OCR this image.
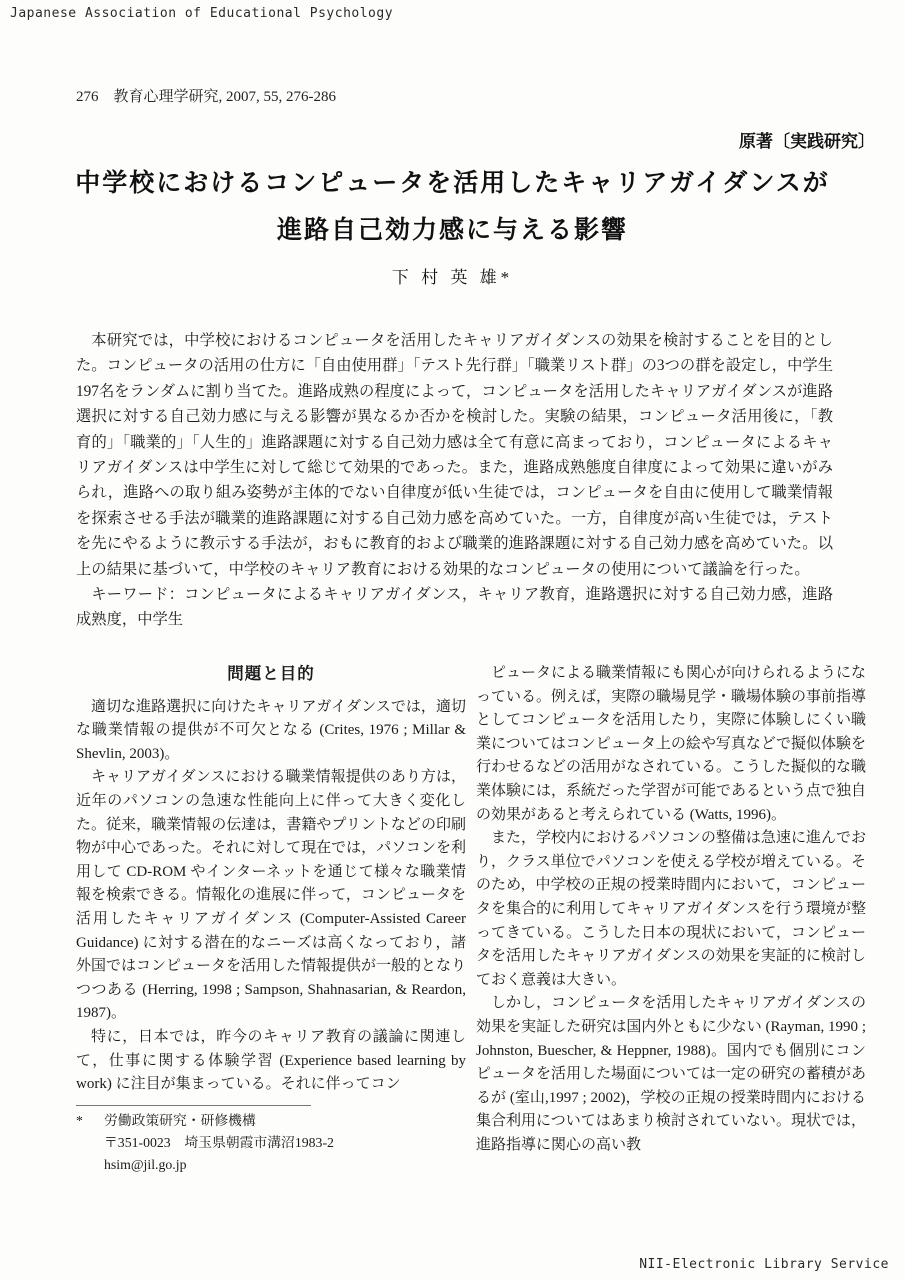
Japanese Association of Educational Psychology
276　教育心理学研究, 2007, 55, 276-286
原著〔実践研究〕
中学校におけるコンピュータを活用したキャリアガイダンスが
進路自己効力感に与える影響
下 村 英 雄*

本研究では，中学校におけるコンピュータを活用したキャリアガイダンスの効果を検討することを目的とした。コンピュータの活用の仕方に「自由使用群」「テスト先行群」「職業リスト群」の3つの群を設定し，中学生197名をランダムに割り当てた。進路成熟の程度によって，コンピュータを活用したキャリアガイダンスが進路選択に対する自己効力感に与える影響が異なるか否かを検討した。実験の結果，コンピュータ活用後に，「教育的」「職業的」「人生的」進路課題に対する自己効力感は全て有意に高まっており，コンピュータによるキャリアガイダンスは中学生に対して総じて効果的であった。また，進路成熟態度自律度によって効果に違いがみられ，進路への取り組み姿勢が主体的でない自律度が低い生徒では，コンピュータを自由に使用して職業情報を探索させる手法が職業的進路課題に対する自己効力感を高めていた。一方，自律度が高い生徒では，テストを先にやるように教示する手法が，おもに教育的および職業的進路課題に対する自己効力感を高めていた。以上の結果に基づいて，中学校のキャリア教育における効果的なコンピュータの使用について議論を行った。

キーワード：コンピュータによるキャリアガイダンス，キャリア教育，進路選択に対する自己効力感，進路成熟度，中学生

問題と目的

適切な進路選択に向けたキャリアガイダンスでは，適切な職業情報の提供が不可欠となる (Crites, 1976 ; Millar & Shevlin, 2003)。

キャリアガイダンスにおける職業情報提供のあり方は，近年のパソコンの急速な性能向上に伴って大きく変化した。従来，職業情報の伝達は，書籍やプリントなどの印刷物が中心であった。それに対して現在では，パソコンを利用して CD-ROM やインターネットを通じて様々な職業情報を検索できる。情報化の進展に伴って，コンピュータを活用したキャリアガイダンス (Computer-Assisted Career Guidance) に対する潜在的なニーズは高くなっており，諸外国ではコンピュータを活用した情報提供が一般的となりつつある (Herring, 1998 ; Sampson, Shahnasarian, & Reardon, 1987)。

特に，日本では，昨今のキャリア教育の議論に関連して，仕事に関する体験学習 (Experience based learning by work) に注目が集まっている。それに伴ってコン

* 労働政策研究・研修機構
〒351-0023　埼玉県朝霞市溝沼1983-2
hsim@jil.go.jp

ピュータによる職業情報にも関心が向けられるようになっている。例えば，実際の職場見学・職場体験の事前指導としてコンピュータを活用したり，実際に体験しにくい職業についてはコンピュータ上の絵や写真などで擬似体験を行わせるなどの活用がなされている。こうした擬似的な職業体験には，系統だった学習が可能であるという点で独自の効果があると考えられている (Watts, 1996)。

また，学校内におけるパソコンの整備は急速に進んでおり，クラス単位でパソコンを使える学校が増えている。そのため，中学校の正規の授業時間内において，コンピュータを集合的に利用してキャリアガイダンスを行う環境が整ってきている。こうした日本の現状において，コンピュータを活用したキャリアガイダンスの効果を実証的に検討しておく意義は大きい。

しかし，コンピュータを活用したキャリアガイダンスの効果を実証した研究は国内外ともに少ない (Rayman, 1990 ; Johnston, Buescher, & Heppner, 1988)。国内でも個別にコンピュータを活用した場面については一定の研究の蓄積があるが (室山,1997 ; 2002)，学校の正規の授業時間内における集合利用についてはあまり検討されていない。現状では，進路指導に関心の高い教

NII-Electronic Library Service
